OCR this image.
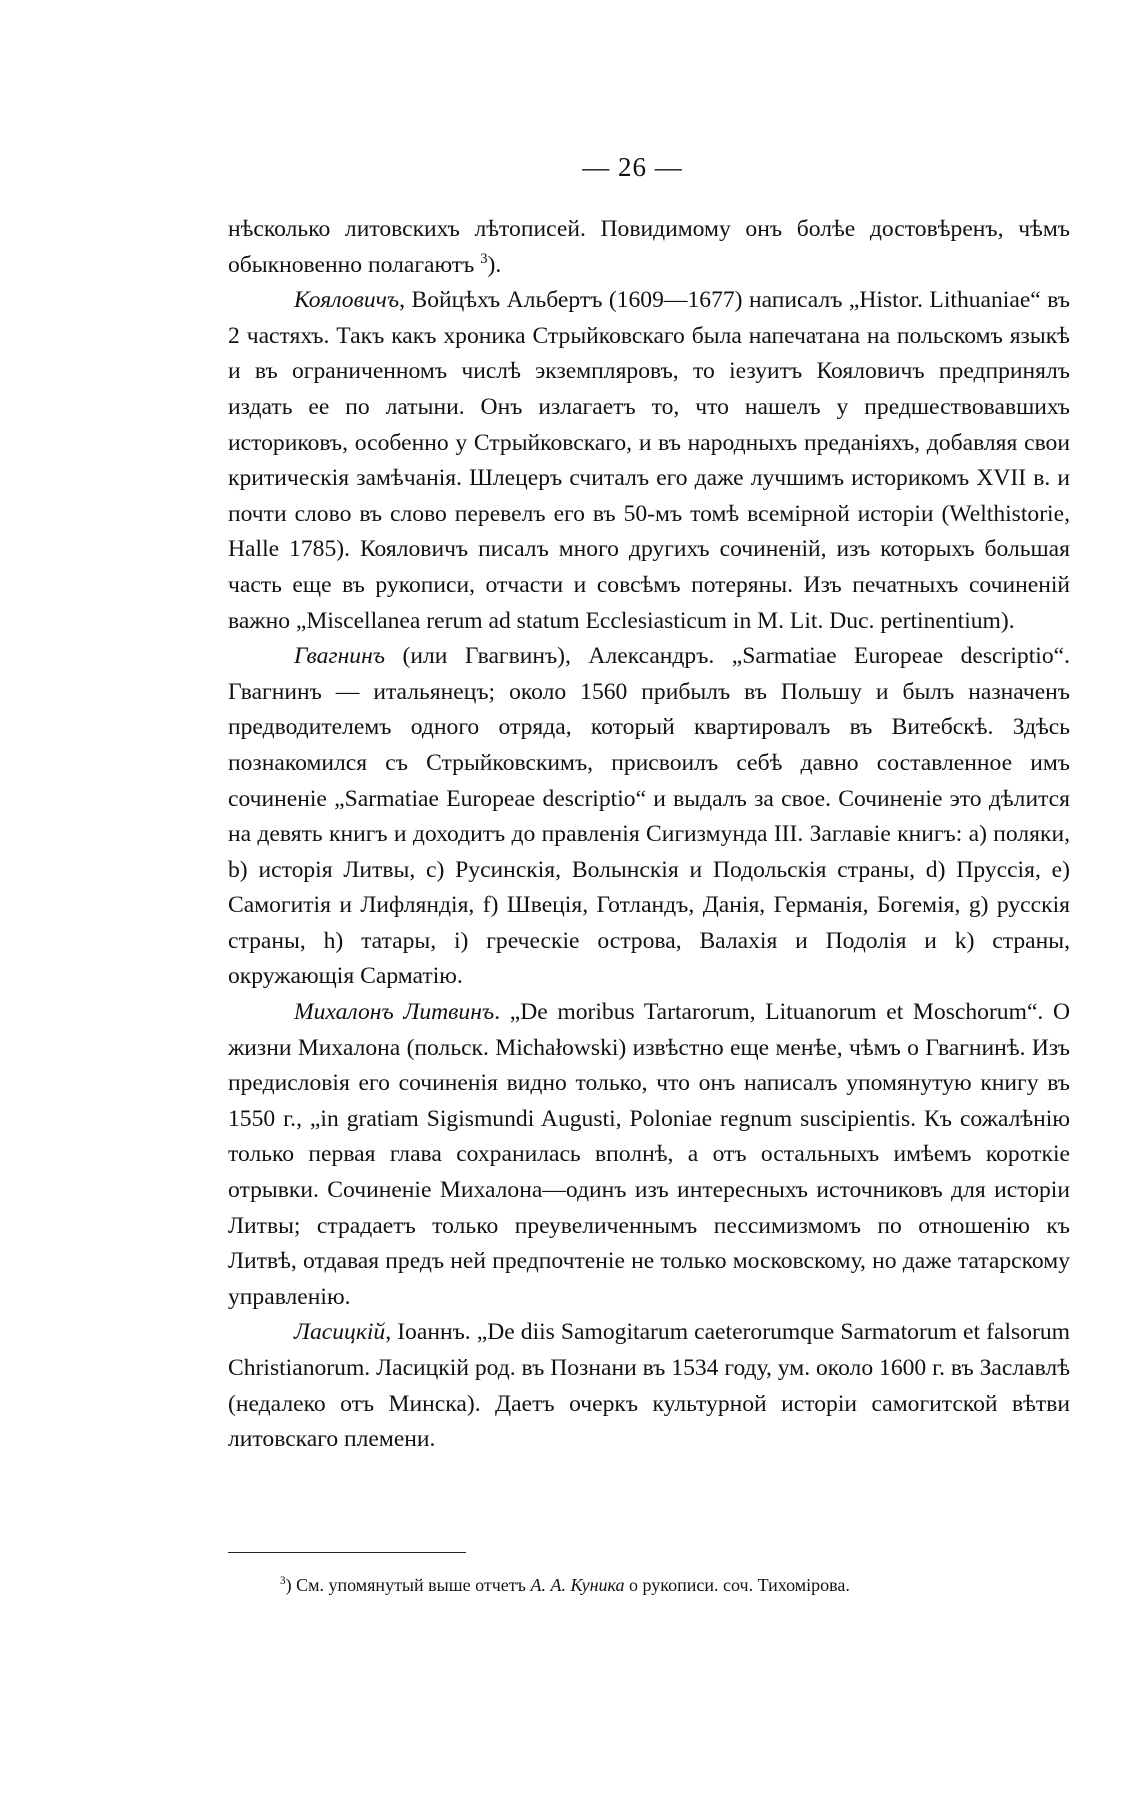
— 26 —

нѣсколько литовскихъ лѣтописей. Повидимому онъ болѣе достовѣренъ, чѣмъ обыкновенно полагаютъ $^3$).

Кояловичъ, Войцѣхъ Альбертъ (1609—1677) написалъ „Histor. Lithuaniae“ въ 2 частяхъ. Такъ какъ хроника Стрыйковскаго была напечатана на польскомъ языкѣ и въ ограниченномъ числѣ экземпляровъ, то іезуитъ Кояловичъ предпринялъ издать ее по латыни. Онъ излагаетъ то, что нашелъ у предшествовавшихъ историковъ, особенно у Стрыйковскаго, и въ народныхъ преданіяхъ, добавляя свои критическія замѣчанія. Шлецеръ считалъ его даже лучшимъ историкомъ XVII в. и почти слово въ слово перевелъ его въ 50-мъ томѣ всемірной исторіи (Welthistorie, Halle 1785). Кояловичъ писалъ много другихъ сочиненій, изъ которыхъ большая часть еще въ рукописи, отчасти и совсѣмъ потеряны. Изъ печатныхъ сочиненій важно „Miscellanea rerum ad statum Ecclesiasticum in M. Lit. Duc. pertinentium).

Гвагнинъ (или Гвагвинъ), Александръ. „Sarmatiae Europeae descriptio“. Гвагнинъ — итальянецъ; около 1560 прибылъ въ Польшу и былъ назначенъ предводителемъ одного отряда, который квартировалъ въ Витебскѣ. Здѣсь познакомился съ Стрыйковскимъ, присвоилъ себѣ давно составленное имъ сочиненіе „Sarmatiae Europeae descriptio“ и выдалъ за свое. Сочиненіе это дѣлится на девять книгъ и доходитъ до правленія Сигизмунда III. Заглавіе книгъ: a) поляки, b) исторія Литвы, c) Русинскія, Волынскія и Подольскія страны, d) Пруссія, e) Самогитія и Лифляндія, f) Швеція, Готландъ, Данія, Германія, Богемія, g) русскія страны, h) татары, i) греческіе острова, Валахія и Подолія и k) страны, окружающія Сарматію.

Михалонъ Литвинъ. „De moribus Tartarorum, Lituanorum et Moschorum“. О жизни Михалона (польск. Michałowski) извѣстно еще менѣе, чѣмъ о Гвагнинѣ. Изъ предисловія его сочиненія видно только, что онъ написалъ упомянутую книгу въ 1550 г., „in gratiam Sigismundi Augusti, Poloniae regnum suscipientis. Къ сожалѣнію только первая глава сохранилась вполнѣ, а отъ остальныхъ имѣемъ короткіе отрывки. Сочиненіе Михалона—одинъ изъ интересныхъ источниковъ для исторіи Литвы; страдаетъ только преувеличеннымъ пессимизмомъ по отношенію къ Литвѣ, отдавая предъ ней предпочтеніе не только московскому, но даже татарскому управленію.

Ласицкій, Іоаннъ. „De diis Samogitarum caeterorumque Sarmatorum et falsorum Christianorum. Ласицкій род. въ Познани въ 1534 году, ум. около 1600 г. въ Заславлѣ (недалеко отъ Минска). Даетъ очеркъ культурной исторіи самогитской вѣтви литовскаго племени.

$^3$) См. упомянутый выше отчетъ А. А. Куника о рукописи. соч. Тихомірова.
